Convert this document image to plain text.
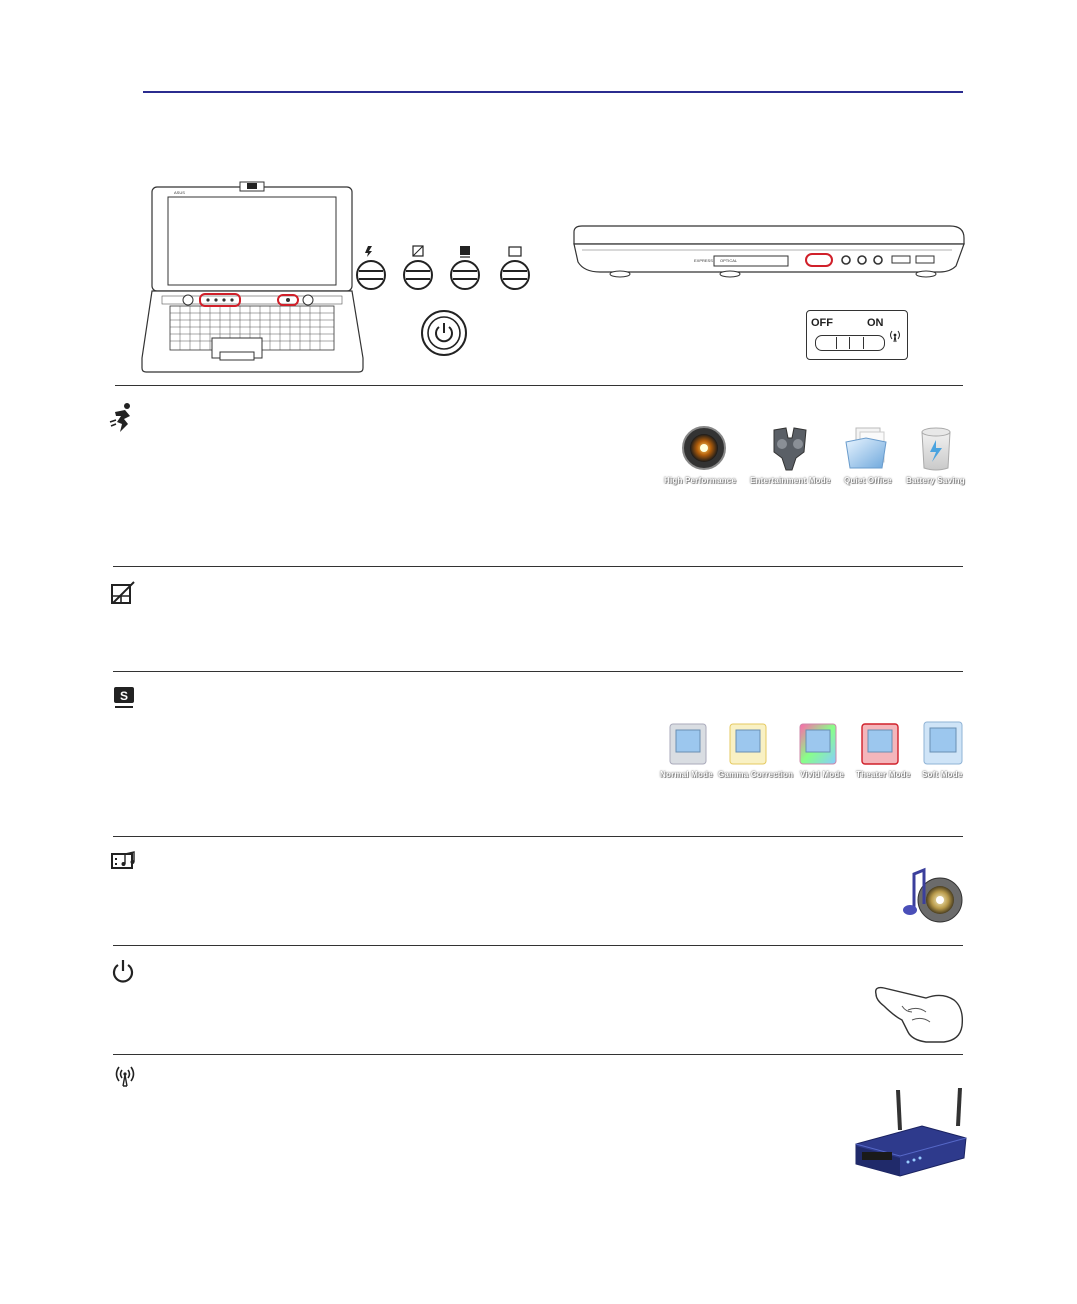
ASUS
EXPRESS OPTICAL
OFF	ON
High Performance Entertainment Mode Quiet Office Battery Saving
S
Normal Mode Gamma Correction Vivid Mode Theater Mode Soft Mode
